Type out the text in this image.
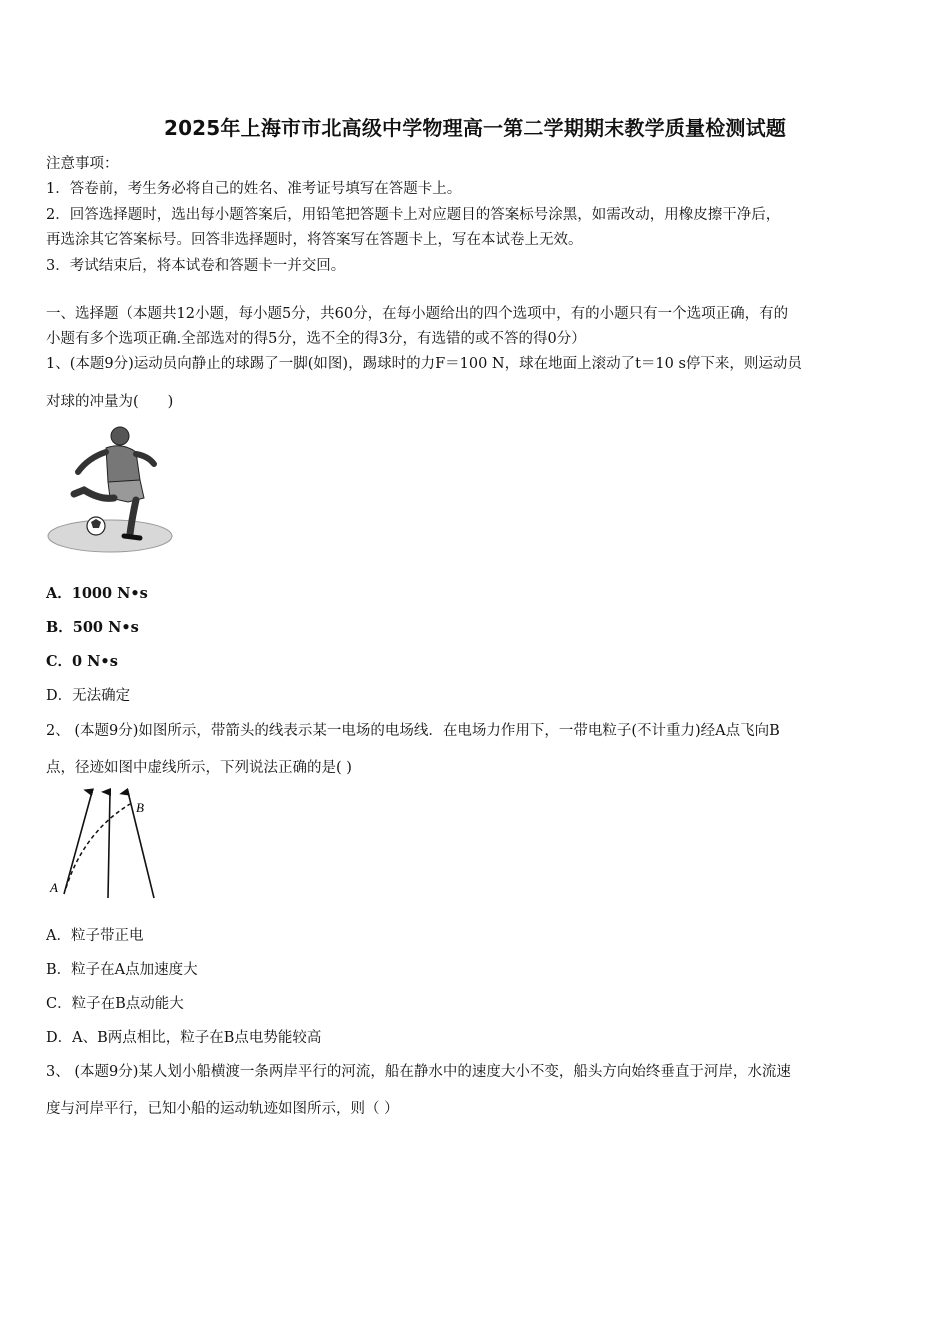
2025年上海市市北高级中学物理高一第二学期期末教学质量检测试题
注意事项：
1．答卷前，考生务必将自己的姓名、准考证号填写在答题卡上。
2．回答选择题时，选出每小题答案后，用铅笔把答题卡上对应题目的答案标号涂黑，如需改动，用橡皮擦干净后，
再选涂其它答案标号。回答非选择题时，将答案写在答题卡上，写在本试卷上无效。
3．考试结束后，将本试卷和答题卡一并交回。
一、选择题（本题共12小题，每小题5分，共60分，在每小题给出的四个选项中，有的小题只有一个选项正确，有的
小题有多个选项正确.全部选对的得5分，选不全的得3分，有选错的或不答的得0分）
1、(本题9分)运动员向静止的球踢了一脚(如图)，踢球时的力F＝100 N，球在地面上滚动了t＝10 s停下来，则运动员
对球的冲量为(　　)
A．1000 N•s
B．500 N•s
C．0 N•s
D．无法确定
2、 (本题9分)如图所示，带箭头的线表示某一电场的电场线．在电场力作用下，一带电粒子(不计重力)经A点飞向B
点，径迹如图中虚线所示，下列说法正确的是( )
A
B
A．粒子带正电
B．粒子在A点加速度大
C．粒子在B点动能大
D．A、B两点相比，粒子在B点电势能较高
3、 (本题9分)某人划小船横渡一条两岸平行的河流，船在静水中的速度大小不变，船头方向始终垂直于河岸，水流速
度与河岸平行，已知小船的运动轨迹如图所示，则（ ）
